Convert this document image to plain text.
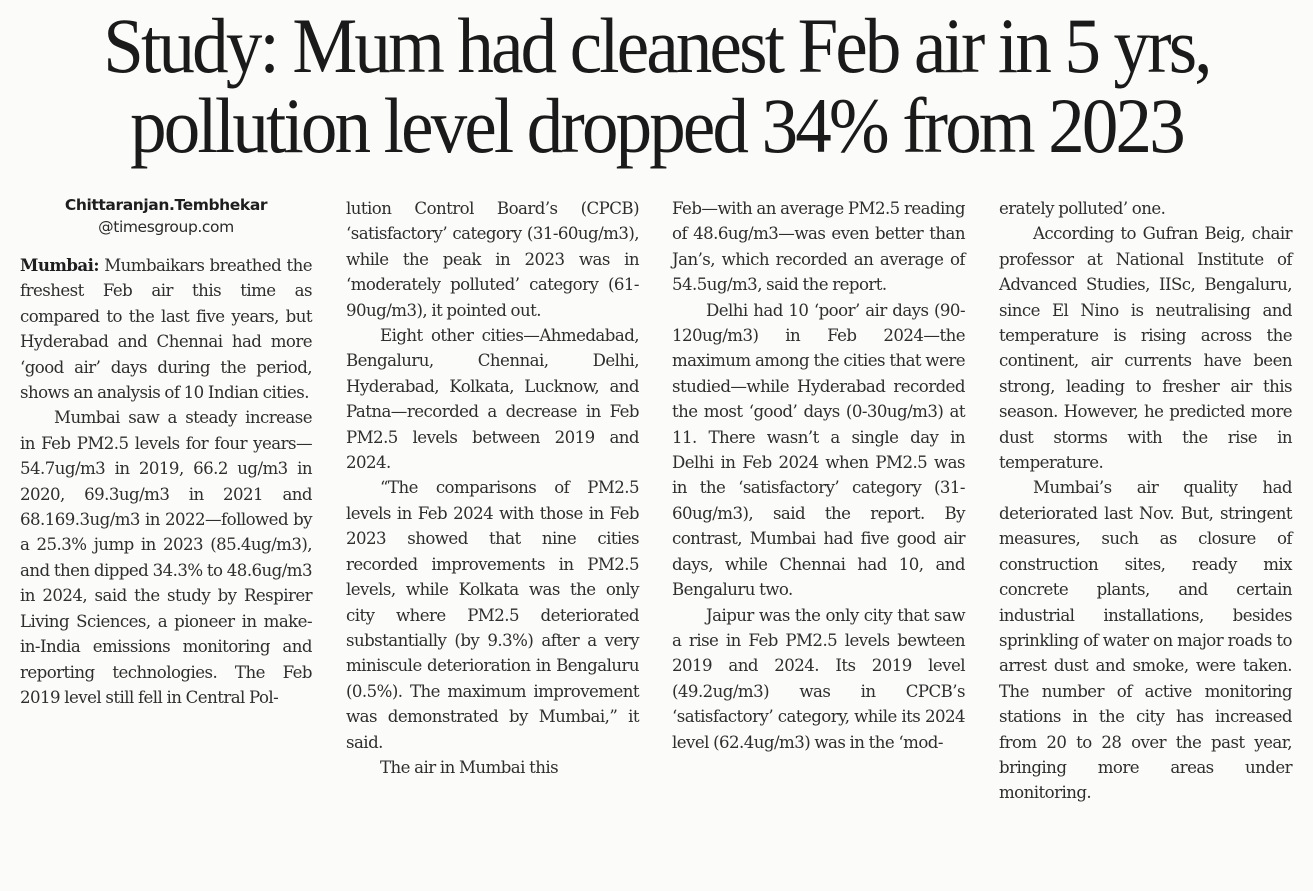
Study: Mum had cleanest Feb air in 5 yrs,
pollution level dropped 34% from 2023
Chittaranjan.Tembhekar
@timesgroup.com

Mumbai: Mumbaikars breathed the freshest Feb air this time as compared to the last five years, but Hyderabad and Chennai had more ‘good air’ days during the period, shows an analysis of 10 Indian cities.

Mumbai saw a steady increase in Feb PM2.5 levels for four years—54.7ug/m3 in 2019, 66.2 ug/m3 in 2020, 69.3ug/m3 in 2021 and 68.169.3ug/m3 in 2022—followed by a 25.3% jump in 2023 (85.4ug/m3), and then dipped 34.3% to 48.6ug/m3 in 2024, said the study by Respirer Living Sciences, a pioneer in make-in-India emissions monitoring and reporting technologies. The Feb 2019 level still fell in Central Pol-

lution Control Board’s (CPCB) ‘satisfactory’ category (31-60ug/m3), while the peak in 2023 was in ‘moderately polluted’ category (61-90ug/m3), it pointed out.

Eight other cities—Ahmedabad, Bengaluru, Chennai, Delhi, Hyderabad, Kolkata, Lucknow, and Patna—recorded a decrease in Feb PM2.5 levels between 2019 and 2024.

“The comparisons of PM2.5 levels in Feb 2024 with those in Feb 2023 showed that nine cities recorded improvements in PM2.5 levels, while Kolkata was the only city where PM2.5 deteriorated substantially (by 9.3%) after a very miniscule deterioration in Bengaluru (0.5%). The maximum improvement was demonstrated by Mumbai,” it said.

The air in Mumbai this

Feb—with an average PM2.5 reading of 48.6ug/m3—was even better than Jan’s, which recorded an average of 54.5ug/m3, said the report.

Delhi had 10 ‘poor’ air days (90-120ug/m3) in Feb 2024—the maximum among the cities that were studied—while Hyderabad recorded the most ‘good’ days (0-30ug/m3) at 11. There wasn’t a single day in Delhi in Feb 2024 when PM2.5 was in the ‘satisfactory’ category (31-60ug/m3), said the report. By contrast, Mumbai had five good air days, while Chennai had 10, and Bengaluru two.

Jaipur was the only city that saw a rise in Feb PM2.5 levels bewteen 2019 and 2024. Its 2019 level (49.2ug/m3) was in CPCB’s ‘satisfactory’ category, while its 2024 level (62.4ug/m3) was in the ‘mod-

erately polluted’ one.

According to Gufran Beig, chair professor at National Institute of Advanced Studies, IISc, Bengaluru, since El Nino is neutralising and temperature is rising across the continent, air currents have been strong, leading to fresher air this season. However, he predicted more dust storms with the rise in temperature.

Mumbai’s air quality had deteriorated last Nov. But, stringent measures, such as closure of construction sites, ready mix concrete plants, and certain industrial installations, besides sprinkling of water on major roads to arrest dust and smoke, were taken. The number of active monitoring stations in the city has increased from 20 to 28 over the past year, bringing more areas under monitoring.
